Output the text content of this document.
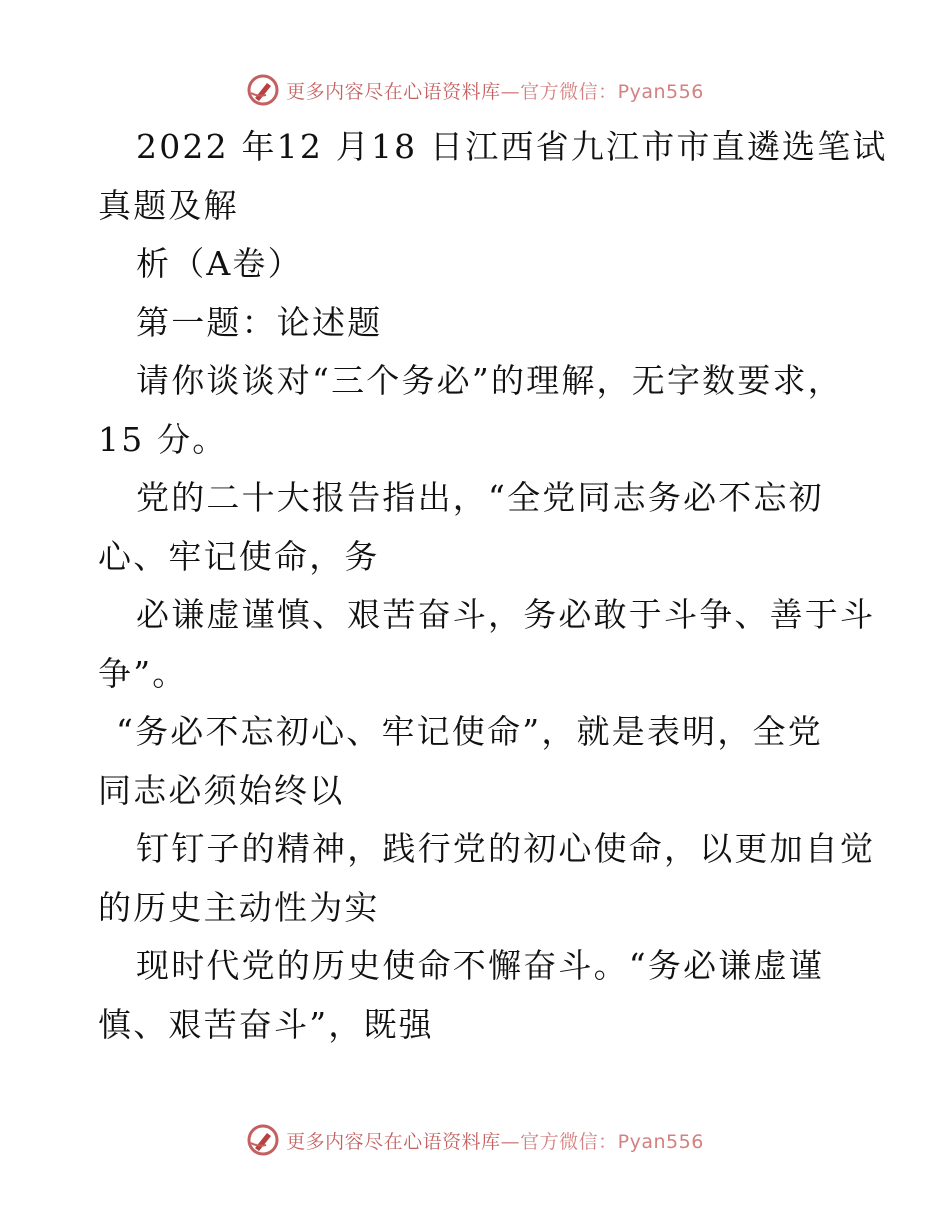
更多内容尽在心语资料库—官方微信：Pyan556
2022 年12 月18 日江西省九江市市直遴选笔试
真题及解
析（A卷）
第一题：论述题
请你谈谈对“三个务必”的理解，无字数要求，
15 分。
党的二十大报告指出，“全党同志务必不忘初
心、牢记使命，务
必谦虚谨慎、艰苦奋斗，务必敢于斗争、善于斗
争”。
“务必不忘初心、牢记使命”，就是表明，全党
同志必须始终以
钉钉子的精神，践行党的初心使命，以更加自觉
的历史主动性为实
现时代党的历史使命不懈奋斗。“务必谦虚谨
慎、艰苦奋斗”，既强
更多内容尽在心语资料库—官方微信：Pyan556
